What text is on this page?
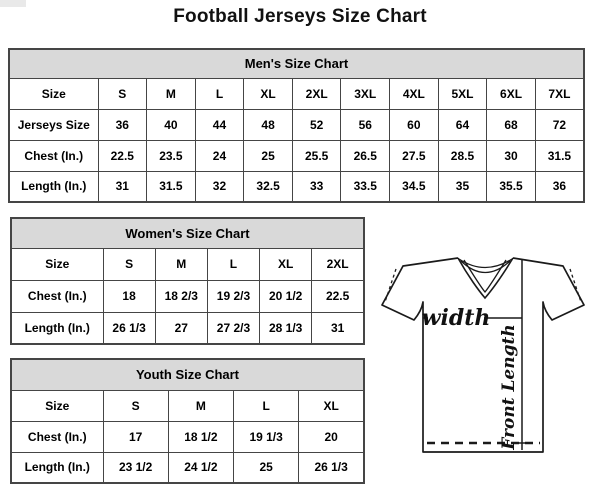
Football Jerseys Size Chart
Men's Size Chart										
Size	S	M	L	XL	2XL	3XL	4XL	5XL	6XL	7XL
Jerseys Size	36	40	44	48	52	56	60	64	68	72
Chest (In.)	22.5	23.5	24	25	25.5	26.5	27.5	28.5	30	31.5
Length (In.)	31	31.5	32	32.5	33	33.5	34.5	35	35.5	36
Women's Size Chart					
Size	S	M	L	XL	2XL
Chest (In.)	18	18 2/3	19 2/3	20 1/2	22.5
Length (In.)	26 1/3	27	27 2/3	28 1/3	31
Youth Size Chart				
Size	S	M	L	XL
Chest (In.)	17	18 1/2	19 1/3	20
Length (In.)	23 1/2	24 1/2	25	26 1/3
width
Front Length
